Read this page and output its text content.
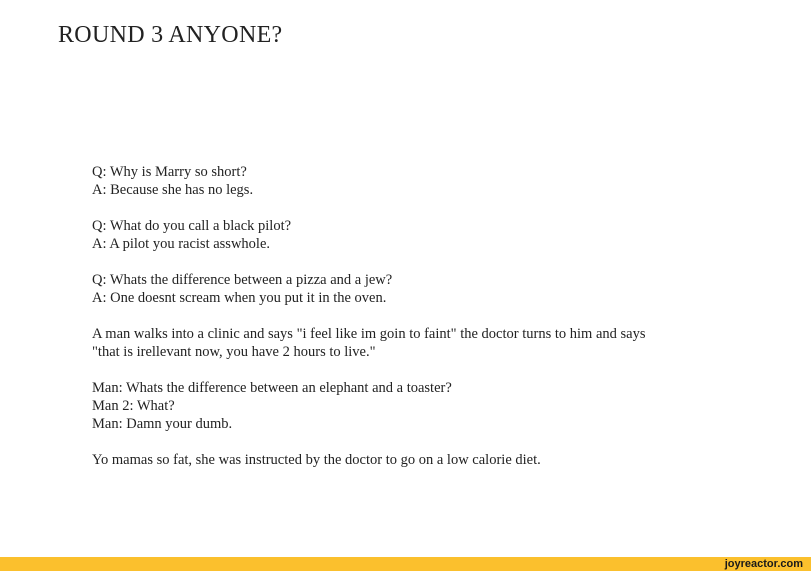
ROUND 3 ANYONE?
Q: Why is Marry so short?
A: Because she has no legs.
Q: What do you call a black pilot?
A: A pilot you racist asswhole.
Q: Whats the difference between a pizza and a jew?
A: One doesnt scream when you put it in the oven.
A man walks into a clinic and says "i feel like im goin to faint" the doctor turns to him and says
"that is irellevant now, you have 2 hours to live."
Man: Whats the difference between an elephant and a toaster?
Man 2: What?
Man: Damn your dumb.
Yo mamas so fat, she was instructed by the doctor to go on a low calorie diet.
joyreactor.com
